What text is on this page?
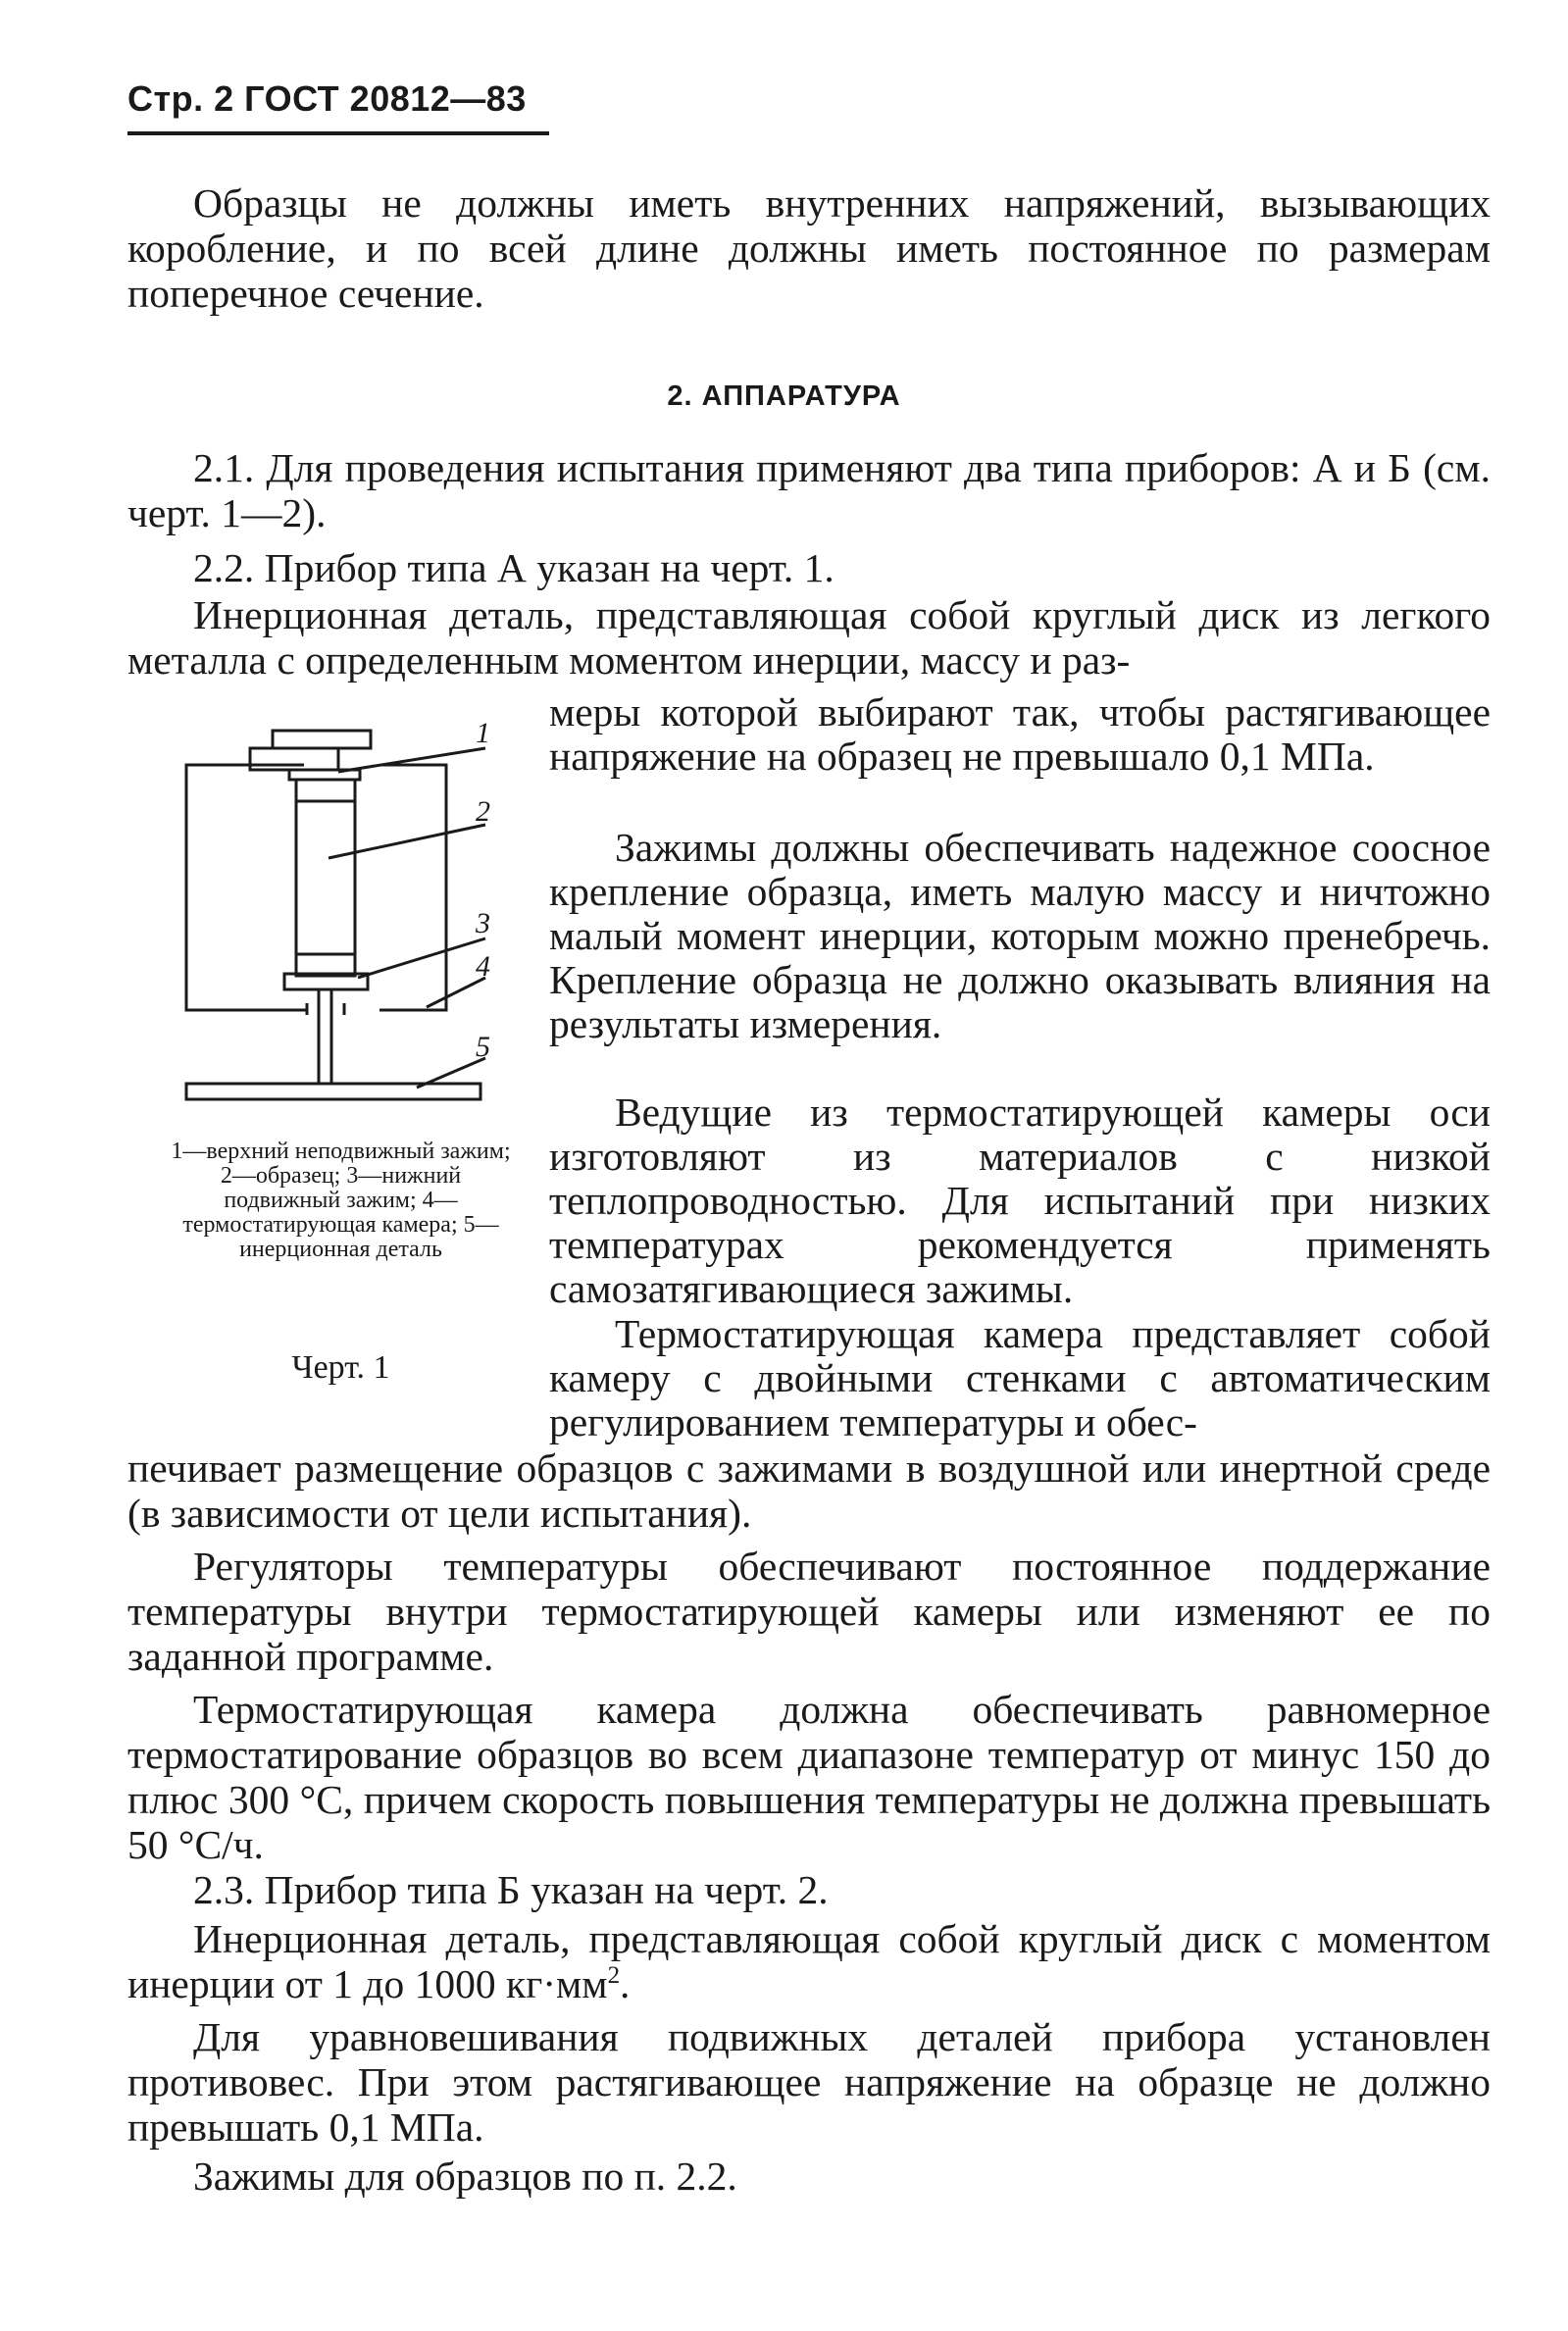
Стр. 2 ГОСТ 20812—83
Образцы не должны иметь внутренних напряжений, вызывающих коробление, и по всей длине должны иметь постоянное по размерам поперечное сечение.
2. АППАРАТУРА
2.1. Для проведения испытания применяют два типа приборов: А и Б (см. черт. 1—2).
2.2. Прибор типа А указан на черт. 1.
Инерционная деталь, представляющая собой круглый диск из легкого металла с определенным моментом инерции, массу и раз-
1
2
3
4
5
1—верхний неподвижный зажим; 2—образец; 3—нижний подвижный зажим; 4—термостатирующая камера; 5—инерционная деталь
Черт. 1
меры которой выбирают так, чтобы растягивающее напряжение на образец не превышало 0,1 МПа.
Зажимы должны обеспечивать надежное соосное крепление образца, иметь малую массу и ничтожно малый момент инерции, которым можно пренебречь. Крепление образца не должно оказывать влияния на результаты измерения.
Ведущие из термостатирующей камеры оси изготовляют из материалов с низкой теплопроводностью. Для испытаний при низких температурах рекомендуется применять самозатягивающиеся зажимы.
Термостатирующая камера представляет собой камеру с двойными стенками с автоматическим регулированием температуры и обес-
печивает размещение образцов с зажимами в воздушной или инертной среде (в зависимости от цели испытания).
Регуляторы температуры обеспечивают постоянное поддержание температуры внутри термостатирующей камеры или изменяют ее по заданной программе.
Термостатирующая камера должна обеспечивать равномерное термостатирование образцов во всем диапазоне температур от минус 150 до плюс 300 °С, причем скорость повышения температуры не должна превышать 50 °С/ч.
2.3. Прибор типа Б указан на черт. 2.
Инерционная деталь, представляющая собой круглый диск с моментом инерции от 1 до 1000 $кг\cdot мм^2$.
Для уравновешивания подвижных деталей прибора установлен противовес. При этом растягивающее напряжение на образце не должно превышать 0,1 МПа.
Зажимы для образцов по п. 2.2.
